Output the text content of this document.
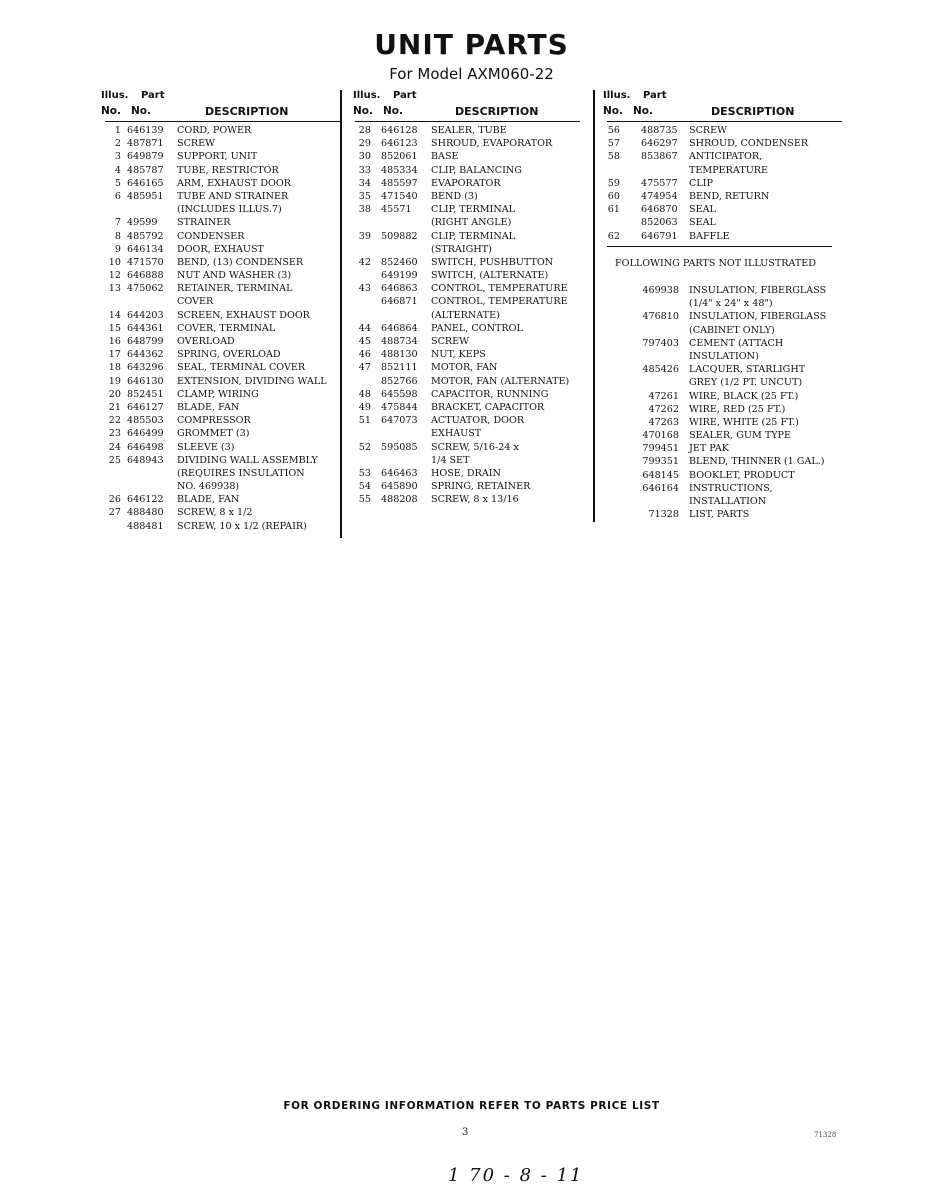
UNIT PARTS
For Model AXM060-22
Illus. Part
No. No.	DESCRIPTION
1 646139 CORD, POWER
2 487871 SCREW
3 649879 SUPPORT, UNIT
4 485787 TUBE, RESTRICTOR
5 646165 ARM, EXHAUST DOOR
6 485951 TUBE AND STRAINER
(INCLUDES ILLUS.7)
7 49599 STRAINER
8 485792 CONDENSER
9 646134 DOOR, EXHAUST
10 471570 BEND, (13) CONDENSER
12 646888 NUT AND WASHER (3)
13 475062 RETAINER, TERMINAL
COVER
14 644203 SCREEN, EXHAUST DOOR
15 644361 COVER, TERMINAL
16 648799 OVERLOAD
17 644362 SPRING, OVERLOAD
18 643296 SEAL, TERMINAL COVER
19 646130 EXTENSION, DIVIDING WALL
20 852451 CLAMP, WIRING
21 646127 BLADE, FAN
22 485503 COMPRESSOR
23 646499 GROMMET (3)
24 646498 SLEEVE (3)
25 648943 DIVIDING WALL ASSEMBLY
(REQUIRES INSULATION
NO. 469938)
26 646122 BLADE, FAN
27 488480 SCREW, 8 x 1/2
488481 SCREW, 10 x 1/2 (REPAIR)
Illus. Part
No. No.	DESCRIPTION
28 646128 SEALER, TUBE
29 646123 SHROUD, EVAPORATOR
30 852061 BASE
33 485334 CLIP, BALANCING
34 485597 EVAPORATOR
35 471540 BEND (3)
38 45571 CLIP, TERMINAL
(RIGHT ANGLE)
39 509882 CLIP, TERMINAL
(STRAIGHT)
42 852460 SWITCH, PUSHBUTTON
649199 SWITCH, (ALTERNATE)
43 646863 CONTROL, TEMPERATURE
646871 CONTROL, TEMPERATURE
(ALTERNATE)
44 646864 PANEL, CONTROL
45 488734 SCREW
46 488130 NUT, KEPS
47 852111 MOTOR, FAN
852766 MOTOR, FAN (ALTERNATE)
48 645598 CAPACITOR, RUNNING
49 475844 BRACKET, CAPACITOR
51 647073 ACTUATOR, DOOR
EXHAUST
52 595085 SCREW, 5/16-24 x
1/4 SET
53 646463 HOSE, DRAIN
54 645890 SPRING, RETAINER
55 488208 SCREW, 8 x 13/16
Illus. Part
No. No.	DESCRIPTION
56 488735 SCREW
57 646297 SHROUD, CONDENSER
58 853867 ANTICIPATOR,
TEMPERATURE
59 475577 CLIP
60 474954 BEND, RETURN
61 646870 SEAL
852063 SEAL
62 646791 BAFFLE
FOLLOWING PARTS NOT ILLUSTRATED
469938 INSULATION, FIBERGLASS
(1/4" x 24" x 48")
476810 INSULATION, FIBERGLASS
(CABINET ONLY)
797403 CEMENT (ATTACH
INSULATION)
485426 LACQUER, STARLIGHT
GREY (1/2 PT. UNCUT)
47261 WIRE, BLACK (25 FT.)
47262 WIRE, RED (25 FT.)
47263 WIRE, WHITE (25 FT.)
470168 SEALER, GUM TYPE
799451 JET PAK
799351 BLEND, THINNER (1 GAL.)
648145 BOOKLET, PRODUCT
646164 INSTRUCTIONS,
INSTALLATION
71328 LIST, PARTS
FOR ORDERING INFORMATION REFER TO PARTS PRICE LIST
3	71328
1 70 - 8 - 11
